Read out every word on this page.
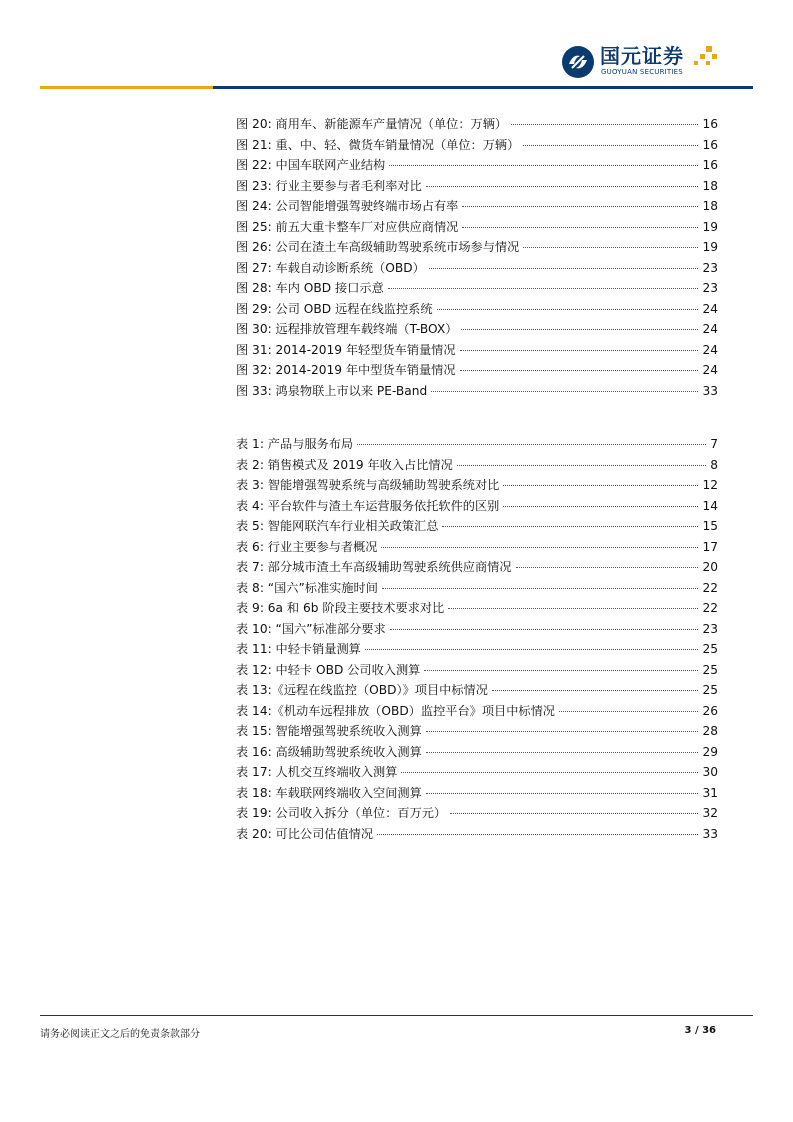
国元证券
GUOYUAN SECURITIES
图 20: 商用车、新能源车产量情况（单位：万辆）	16
图 21: 重、中、轻、微货车销量情况（单位：万辆）	16
图 22: 中国车联网产业结构	16
图 23: 行业主要参与者毛利率对比	18
图 24: 公司智能增强驾驶终端市场占有率	18
图 25: 前五大重卡整车厂对应供应商情况	19
图 26: 公司在渣土车高级辅助驾驶系统市场参与情况	19
图 27: 车载自动诊断系统（OBD）	23
图 28: 车内 OBD 接口示意	23
图 29: 公司 OBD 远程在线监控系统	24
图 30: 远程排放管理车载终端（T-BOX）	24
图 31: 2014-2019 年轻型货车销量情况	24
图 32: 2014-2019 年中型货车销量情况	24
图 33: 鸿泉物联上市以来 PE-Band	33
表 1: 产品与服务布局	7
表 2: 销售模式及 2019 年收入占比情况	8
表 3: 智能增强驾驶系统与高级辅助驾驶系统对比	12
表 4: 平台软件与渣土车运营服务依托软件的区别	14
表 5: 智能网联汽车行业相关政策汇总	15
表 6: 行业主要参与者概况	17
表 7: 部分城市渣土车高级辅助驾驶系统供应商情况	20
表 8: “国六”标准实施时间	22
表 9: 6a 和 6b 阶段主要技术要求对比	22
表 10: “国六”标准部分要求	23
表 11: 中轻卡销量测算	25
表 12: 中轻卡 OBD 公司收入测算	25
表 13:《远程在线监控（OBD）》项目中标情况	25
表 14:《机动车远程排放（OBD）监控平台》项目中标情况	26
表 15: 智能增强驾驶系统收入测算	28
表 16: 高级辅助驾驶系统收入测算	29
表 17: 人机交互终端收入测算	30
表 18: 车载联网终端收入空间测算	31
表 19: 公司收入拆分（单位：百万元）	32
表 20: 可比公司估值情况	33
请务必阅读正文之后的免责条款部分	3 / 36
